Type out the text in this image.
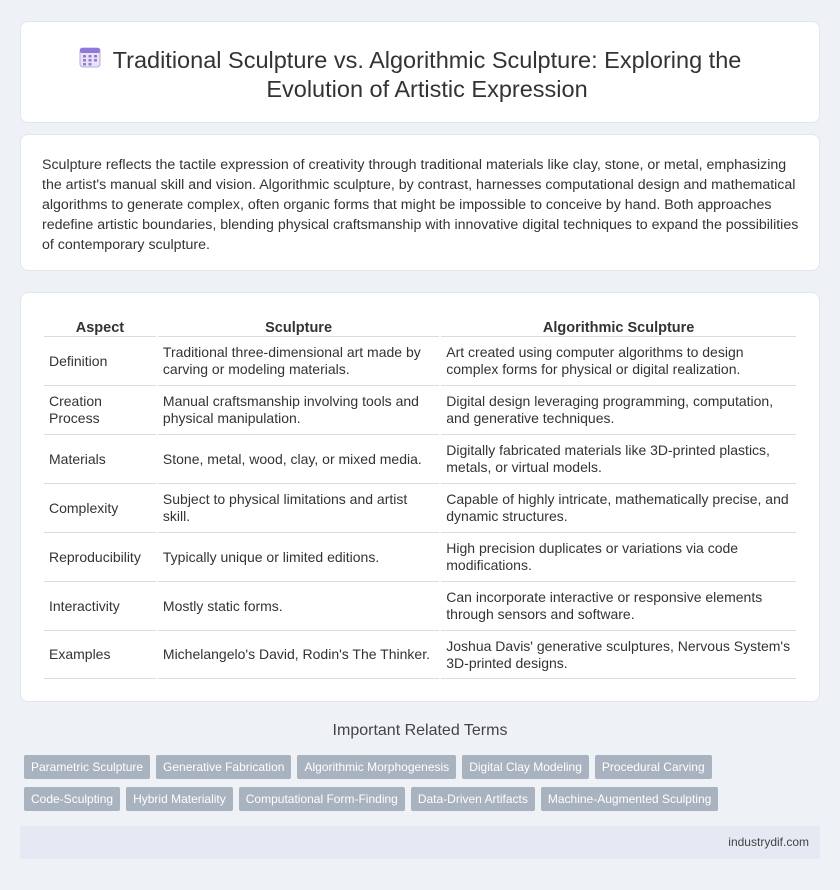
Traditional Sculpture vs. Algorithmic Sculpture: Exploring the Evolution of Artistic Expression

Sculpture reflects the tactile expression of creativity through traditional materials like clay, stone, or metal, emphasizing the artist's manual skill and vision. Algorithmic sculpture, by contrast, harnesses computational design and mathematical algorithms to generate complex, often organic forms that might be impossible to conceive by hand. Both approaches redefine artistic boundaries, blending physical craftsmanship with innovative digital techniques to expand the possibilities of contemporary sculpture.

Aspect	Sculpture	Algorithmic Sculpture
Definition	Traditional three-dimensional art made by carving or modeling materials.	Art created using computer algorithms to design complex forms for physical or digital realization.
Creation Process	Manual craftsmanship involving tools and physical manipulation.	Digital design leveraging programming, computation, and generative techniques.
Materials	Stone, metal, wood, clay, or mixed media.	Digitally fabricated materials like 3D-printed plastics, metals, or virtual models.
Complexity	Subject to physical limitations and artist skill.	Capable of highly intricate, mathematically precise, and dynamic structures.
Reproducibility	Typically unique or limited editions.	High precision duplicates or variations via code modifications.
Interactivity	Mostly static forms.	Can incorporate interactive or responsive elements through sensors and software.
Examples	Michelangelo's David, Rodin's The Thinker.	Joshua Davis' generative sculptures, Nervous System's 3D-printed designs.
Important Related Terms
Parametric Sculpture	Generative Fabrication	Algorithmic Morphogenesis	Digital Clay Modeling	Procedural Carving
Code-Sculpting	Hybrid Materiality	Computational Form-Finding	Data-Driven Artifacts	Machine-Augmented Sculpting
industrydif.com
